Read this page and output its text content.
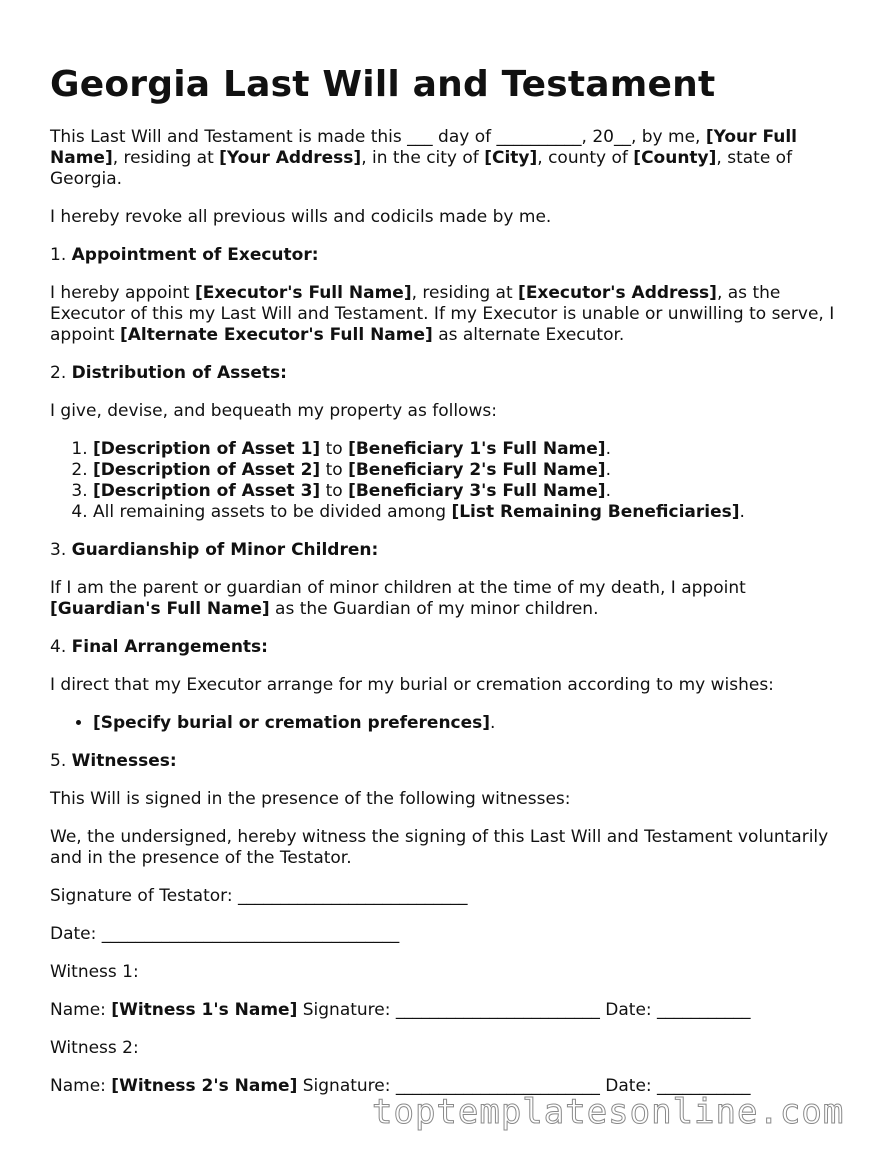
Georgia Last Will and Testament

This Last Will and Testament is made this ___ day of __________, 20__, by me, [Your Full Name], residing at [Your Address], in the city of [City], county of [County], state of Georgia.

I hereby revoke all previous wills and codicils made by me.

1. Appointment of Executor:

I hereby appoint [Executor's Full Name], residing at [Executor's Address], as the Executor of this my Last Will and Testament. If my Executor is unable or unwilling to serve, I appoint [Alternate Executor's Full Name] as alternate Executor.

2. Distribution of Assets:

I give, devise, and bequeath my property as follows:

1. [Description of Asset 1] to [Beneficiary 1's Full Name].
2. [Description of Asset 2] to [Beneficiary 2's Full Name].
3. [Description of Asset 3] to [Beneficiary 3's Full Name].
4. All remaining assets to be divided among [List Remaining Beneficiaries].

3. Guardianship of Minor Children:

If I am the parent or guardian of minor children at the time of my death, I appoint [Guardian's Full Name] as the Guardian of my minor children.

4. Final Arrangements:

I direct that my Executor arrange for my burial or cremation according to my wishes:

• [Specify burial or cremation preferences].

5. Witnesses:

This Will is signed in the presence of the following witnesses:

We, the undersigned, hereby witness the signing of this Last Will and Testament voluntarily and in the presence of the Testator.

Signature of Testator: ___________________________

Date: ___________________________________

Witness 1:

Name: [Witness 1's Name] Signature: ________________________ Date: ___________

Witness 2:

Name: [Witness 2's Name] Signature: ________________________ Date: ___________

toptemplatesonline.com
